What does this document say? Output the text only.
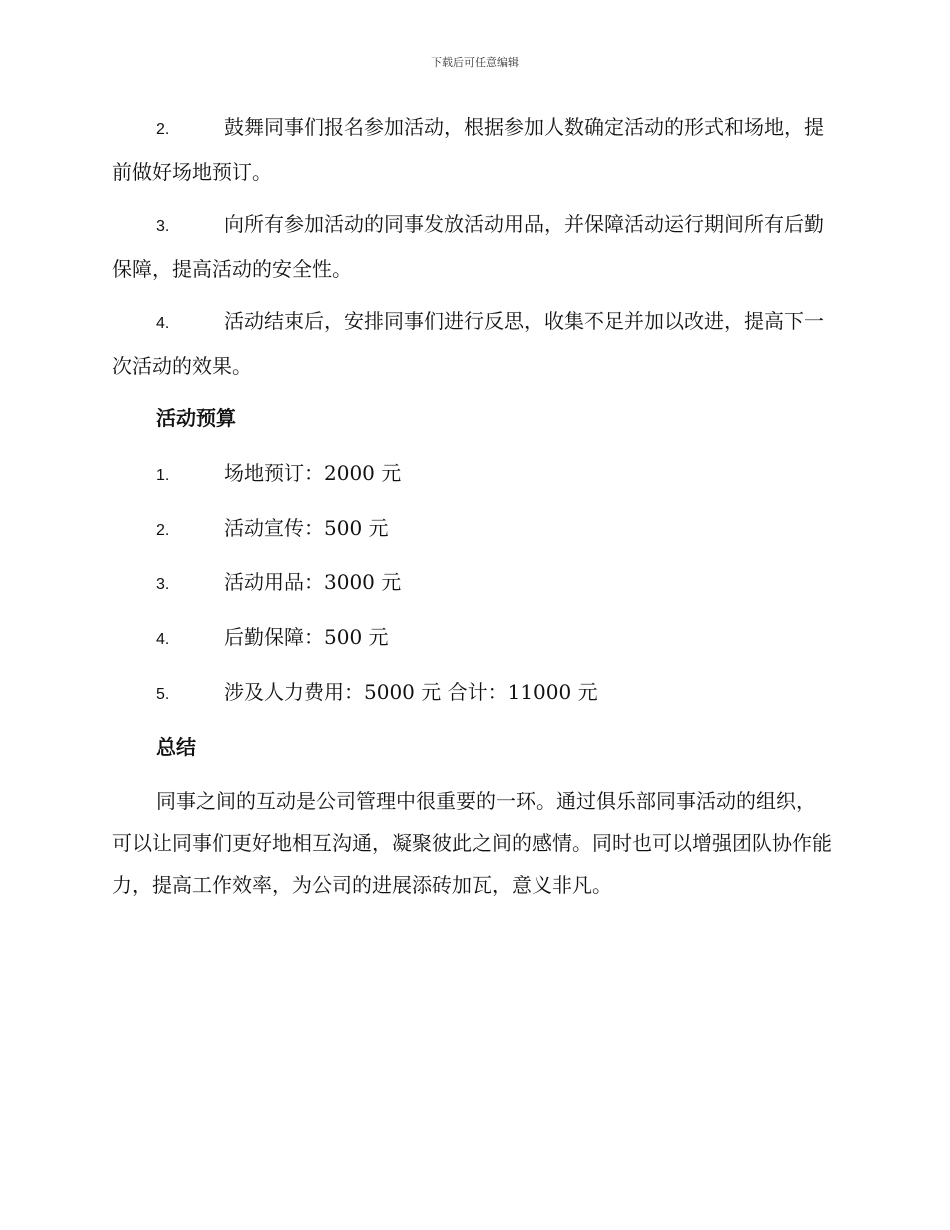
下载后可任意编辑
2.	鼓舞同事们报名参加活动，根据参加人数确定活动的形式和场地，提前做好场地预订。
3.	向所有参加活动的同事发放活动用品，并保障活动运行期间所有后勤保障，提高活动的安全性。
4.	活动结束后，安排同事们进行反思，收集不足并加以改进，提高下一次活动的效果。
活动预算
1.	场地预订：2000 元
2.	活动宣传：500 元
3.	活动用品：3000 元
4.	后勤保障：500 元
5.	涉及人力费用：5000 元 合计：11000 元
总结
同事之间的互动是公司管理中很重要的一环。通过俱乐部同事活动的组织，可以让同事们更好地相互沟通，凝聚彼此之间的感情。同时也可以增强团队协作能力，提高工作效率，为公司的进展添砖加瓦，意义非凡。
